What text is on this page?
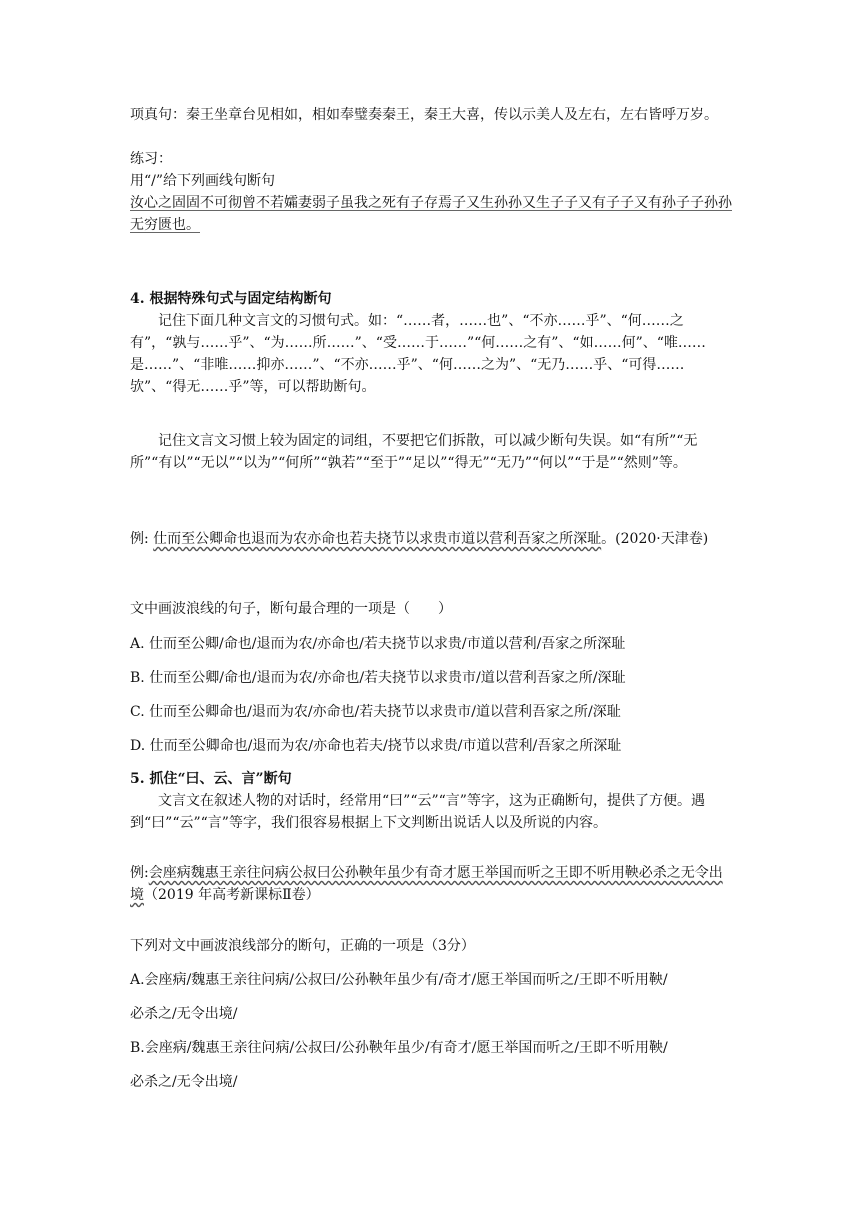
项真句：秦王坐章台见相如，相如奉璧奏秦王，秦王大喜，传以示美人及左右，左右皆呼万岁。

练习：

用“/”给下列画线句断句

汝心之固固不可彻曾不若孀妻弱子虽我之死有子存焉子又生孙孙又生子子又有子子又有孙子子孙孙无穷匮也。

4. 根据特殊句式与固定结构断句

记住下面几种文言文的习惯句式。如：“……者，……也”、“不亦……乎”、“何……之有”，“孰与……乎”、“为……所……”、“受……于……”“何……之有”、“如……何”、“唯……是……”、“非唯……抑亦……”、“不亦……乎”、“何……之为”、“无乃……乎、“可得……欤”、“得无……乎”等，可以帮助断句。

记住文言文习惯上较为固定的词组，不要把它们拆散，可以减少断句失误。如“有所”“无所”“有以”“无以”“以为”“何所”“孰若”“至于”“足以”“得无”“无乃”“何以”“于是”“然则”等。

例: 仕而至公卿命也退而为农亦命也若夫挠节以求贵市道以营利吾家之所深耻。(2020·天津卷)

文中画波浪线的句子，断句最合理的一项是（　　）

A. 仕而至公卿/命也/退而为农/亦命也/若夫挠节以求贵/市道以营利/吾家之所深耻
B. 仕而至公卿/命也/退而为农/亦命也/若夫挠节以求贵市/道以营利吾家之所/深耻
C. 仕而至公卿命也/退而为农/亦命也/若夫挠节以求贵市/道以营利吾家之所/深耻
D. 仕而至公卿命也/退而为农/亦命也若夫/挠节以求贵/市道以营利/吾家之所深耻

5. 抓住“曰、云、言”断句

文言文在叙述人物的对话时，经常用“曰”“云”“言”等字，这为正确断句，提供了方便。遇到“曰”“云”“言”等字，我们很容易根据上下文判断出说话人以及所说的内容。

例:会座病魏惠王亲往问病公叔曰公孙鞅年虽少有奇才愿王举国而听之王即不听用鞅必杀之无令出境（2019 年高考新课标Ⅱ卷）

下列对文中画波浪线部分的断句，正确的一项是（3分）

A.会座病/魏惠王亲往问病/公叔曰/公孙鞅年虽少有/奇才/愿王举国而听之/王即不听用鞅/
必杀之/无令出境/
B.会座病/魏惠王亲往问病/公叔曰/公孙鞅年虽少/有奇才/愿王举国而听之/王即不听用鞅/
必杀之/无令出境/
